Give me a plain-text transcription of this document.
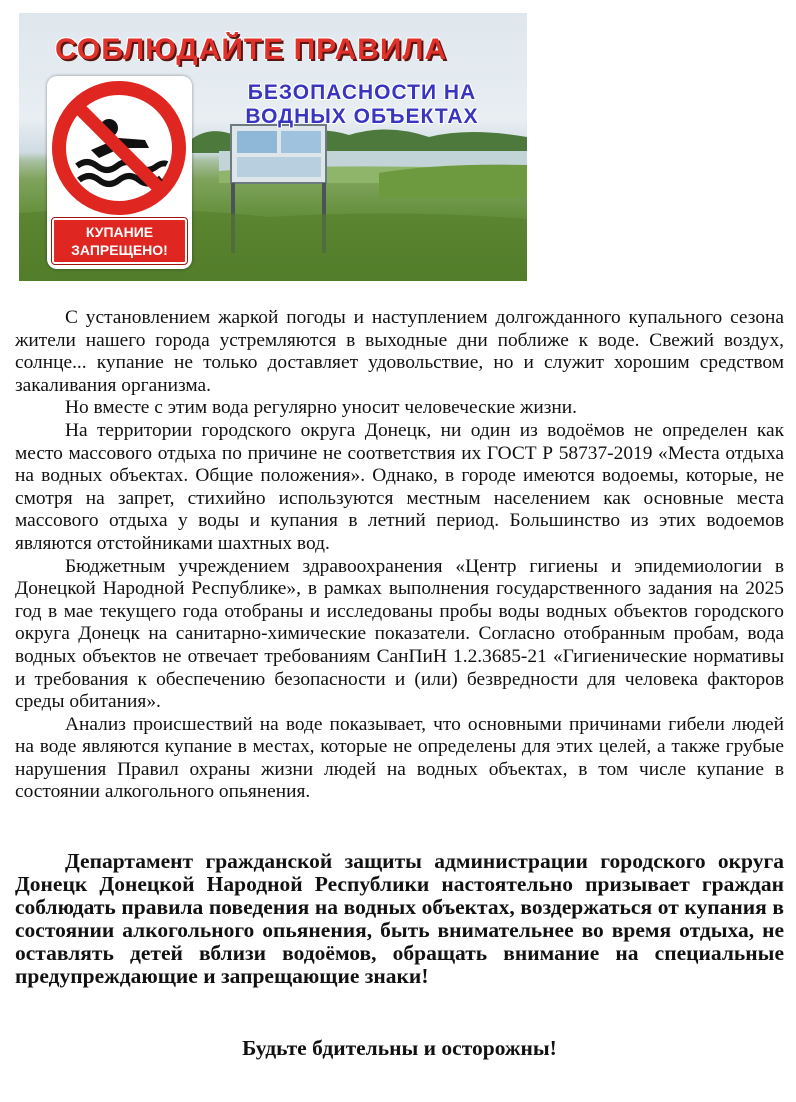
СОБЛЮДАЙТЕ ПРАВИЛА
БЕЗОПАСНОСТИ НА
ВОДНЫХ ОБЪЕКТАХ
КУПАНИЕ
ЗАПРЕЩЕНО!

С установлением жаркой погоды и наступлением долгожданного купального сезона жители нашего города устремляются в выходные дни поближе к воде. Свежий воздух, солнце... купание не только доставляет удовольствие, но и служит хорошим средством закаливания организма.

Но вместе с этим вода регулярно уносит человеческие жизни.

На территории городского округа Донецк, ни один из водоёмов не определен как место массового отдыха по причине не соответствия их ГОСТ Р 58737-2019 «Места отдыха на водных объектах. Общие положения». Однако, в городе имеются водоемы, которые, не смотря на запрет, стихийно используются местным населением как основные места массового отдыха у воды и купания в летний период. Большинство из этих водоемов являются отстойниками шахтных вод.

Бюджетным учреждением здравоохранения «Центр гигиены и эпидемиологии в Донецкой Народной Республике», в рамках выполнения государственного задания на 2025 год в мае текущего года отобраны и исследованы пробы воды водных объектов городского округа Донецк на санитарно-химические показатели. Согласно отобранным пробам, вода водных объектов не отвечает требованиям СанПиН 1.2.3685-21 «Гигиенические нормативы и требования к обеспечению безопасности и (или) безвредности для человека факторов среды обитания».

Анализ происшествий на воде показывает, что основными причинами гибели людей на воде являются купание в местах, которые не определены для этих целей, а также грубые нарушения Правил охраны жизни людей на водных объектах, в том числе купание в состоянии алкогольного опьянения.

Департамент гражданской защиты администрации городского округа Донецк Донецкой Народной Республики настоятельно призывает граждан соблюдать правила поведения на водных объектах, воздержаться от купания в состоянии алкогольного опьянения, быть внимательнее во время отдыха, не оставлять детей вблизи водоёмов, обращать внимание на специальные предупреждающие и запрещающие знаки!

Будьте бдительны и осторожны!
